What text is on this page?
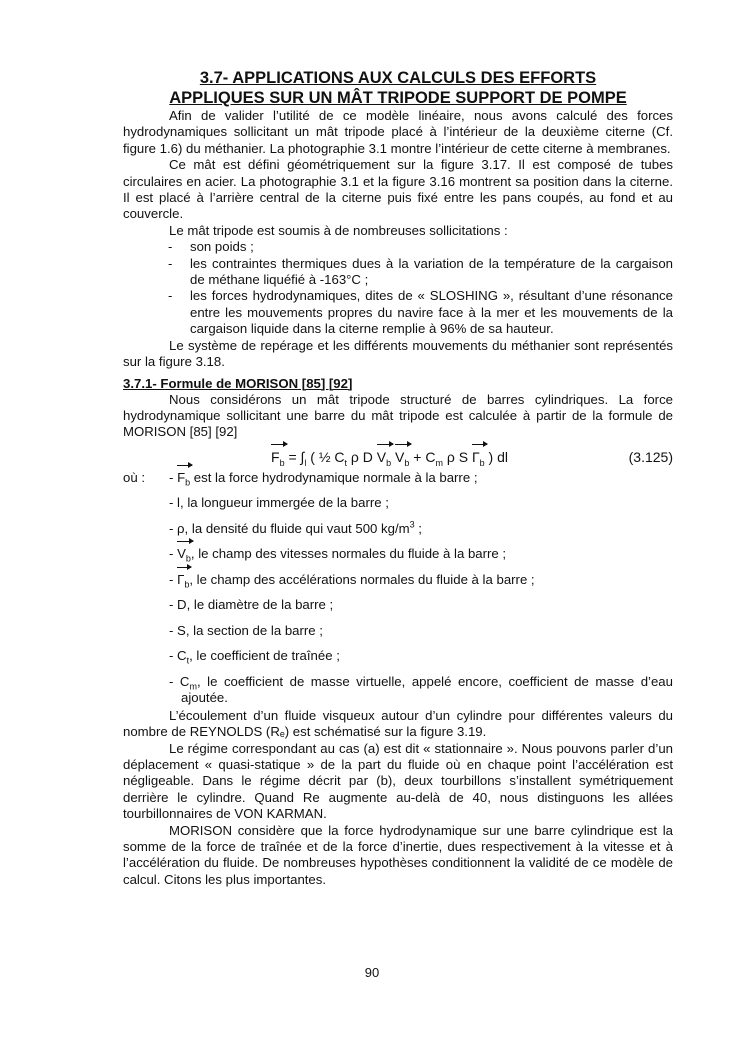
3.7- APPLICATIONS AUX CALCULS DES EFFORTS

APPLIQUES SUR UN MÂT TRIPODE SUPPORT DE POMPE

Afin de valider l’utilité de ce modèle linéaire, nous avons calculé des forces hydrodynamiques sollicitant un mât tripode placé à l’intérieur de la deuxième citerne (Cf. figure 1.6) du méthanier. La photographie 3.1 montre l’intérieur de cette citerne à membranes.

Ce mât est défini géométriquement sur la figure 3.17. Il est composé de tubes circulaires en acier. La photographie 3.1 et la figure 3.16 montrent sa position dans la citerne. Il est placé à l’arrière central de la citerne puis fixé entre les pans coupés, au fond et au couvercle.

Le mât tripode est soumis à de nombreuses sollicitations :

- son poids ;
- les contraintes thermiques dues à la variation de la température de la cargaison de méthane liquéfié à -163°C ;
- les forces hydrodynamiques, dites de « SLOSHING », résultant d’une résonance entre les mouvements propres du navire face à la mer et les mouvements de la cargaison liquide dans la citerne remplie à 96% de sa hauteur.

Le système de repérage et les différents mouvements du méthanier sont représentés sur la figure 3.18.

3.7.1- Formule de MORISON [85] [92]

Nous considérons un mât tripode structuré de barres cylindriques. La force hydrodynamique sollicitant une barre du mât tripode est calculée à partir de la formule de MORISON [85] [92]

$F_b = \int_l$ ( ½ $C_t$ ρ D $V_b$ $V_b + C_m$ ρ S $\Gamma_b$ ) dl	(3.125)
où : - $F_b$ est la force hydrodynamique normale à la barre ;

- l, la longueur immergée de la barre ;

- ρ, la densité du fluide qui vaut 500 $kg/m^3$ ;

- $V_b$, le champ des vitesses normales du fluide à la barre ;

- $\Gamma_b$, le champ des accélérations normales du fluide à la barre ;

- D, le diamètre de la barre ;

- S, la section de la barre ;

- $C_t$, le coefficient de traînée ;

- $C_m$, le coefficient de masse virtuelle, appelé encore, coefficient de masse d’eau ajoutée.

L’écoulement d’un fluide visqueux autour d’un cylindre pour différentes valeurs du nombre de REYNOLDS (Rₑ) est schématisé sur la figure 3.19.

Le régime correspondant au cas (a) est dit « stationnaire ». Nous pouvons parler d’un déplacement « quasi-statique » de la part du fluide où en chaque point l’accélération est négligeable. Dans le régime décrit par (b), deux tourbillons s’installent symétriquement derrière le cylindre. Quand Re augmente au-delà de 40, nous distinguons les allées tourbillonnaires de VON KARMAN.

MORISON considère que la force hydrodynamique sur une barre cylindrique est la somme de la force de traînée et de la force d’inertie, dues respectivement à la vitesse et à l’accélération du fluide. De nombreuses hypothèses conditionnent la validité de ce modèle de calcul. Citons les plus importantes.

90
